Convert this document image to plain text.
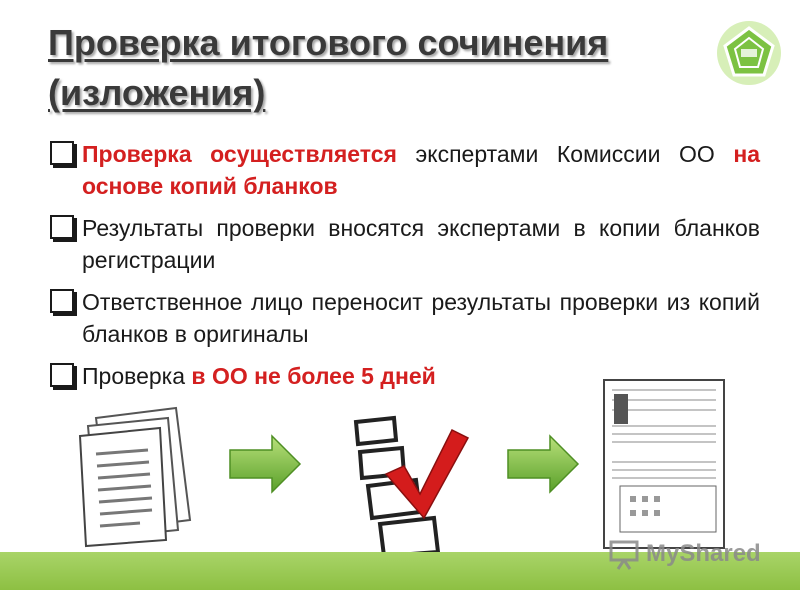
Проверка итогового сочинения
(изложения)
Проверка осуществляется экспертами Комиссии ОО на основе копий бланков
Результаты проверки вносятся экспертами в копии бланков регистрации
Ответственное лицо переносит результаты проверки из копий бланков в оригиналы
Проверка в ОО не более 5 дней
MyShared
